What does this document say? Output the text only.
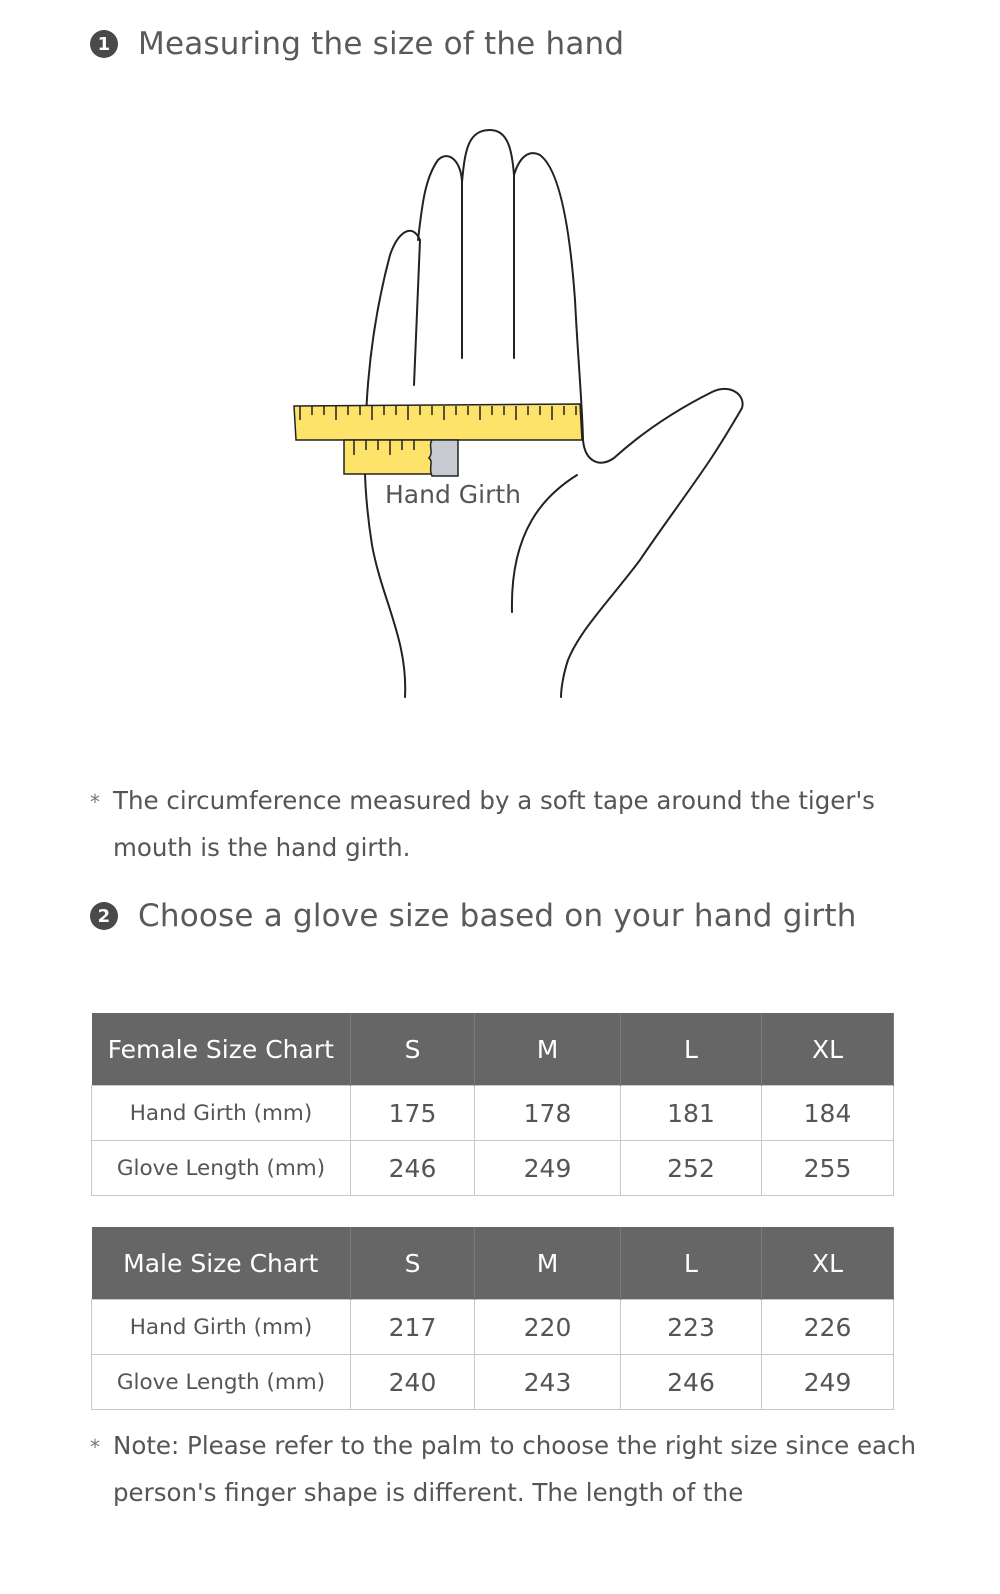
1 Measuring the size of the hand
Hand Girth
* The circumference measured by a soft tape around the tiger's mouth is the hand girth.
2 Choose a glove size based on your hand girth
Female Size Chart	S	M	L	XL
Hand Girth (mm)	175	178	181	184
Glove Length (mm)	246	249	252	255
Male Size Chart	S	M	L	XL
Hand Girth (mm)	217	220	223	226
Glove Length (mm)	240	243	246	249
* Note: Please refer to the palm to choose the right size since each person's finger shape is different. The length of the
